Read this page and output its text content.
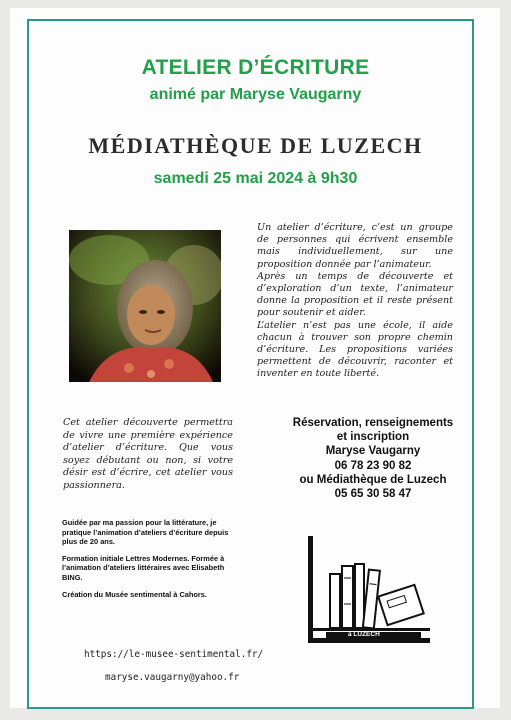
ATELIER D’ÉCRITURE
animé par Maryse Vaugarny
MÉDIATHÈQUE DE LUZECH
samedi 25 mai 2024 à 9h30

Un atelier d’écriture, c’est un groupe de personnes qui écrivent ensemble mais individuellement, sur une proposition donnée par l’animateur.

Après un temps de découverte et d’exploration d’un texte, l’animateur donne la proposition et il reste présent pour soutenir et aider.

L’atelier n’est pas une école, il aide chacun à trouver son propre chemin d’écriture. Les propositions variées permettent de découvrir, raconter et inventer en toute liberté.

Cet atelier découverte permettra de vivre une première expérience d’atelier d’écriture. Que vous soyez débutant ou non, si votre désir est d’écrire, cet atelier vous passionnera.
Réservation, renseignements
et inscription
Maryse Vaugarny
06 78 23 90 82
ou Médiathèque de Luzech
05 65 30 58 47

Guidée par ma passion pour la littérature, je pratique l’animation d’ateliers d’écriture depuis plus de 20 ans.

Formation initiale Lettres Modernes. Formée à l’animation d’ateliers littéraires avec Elisabeth BING.

Création du Musée sentimental à Cahors.

à LUZECH
https://le-musee-sentimental.fr/
maryse.vaugarny@yahoo.fr
